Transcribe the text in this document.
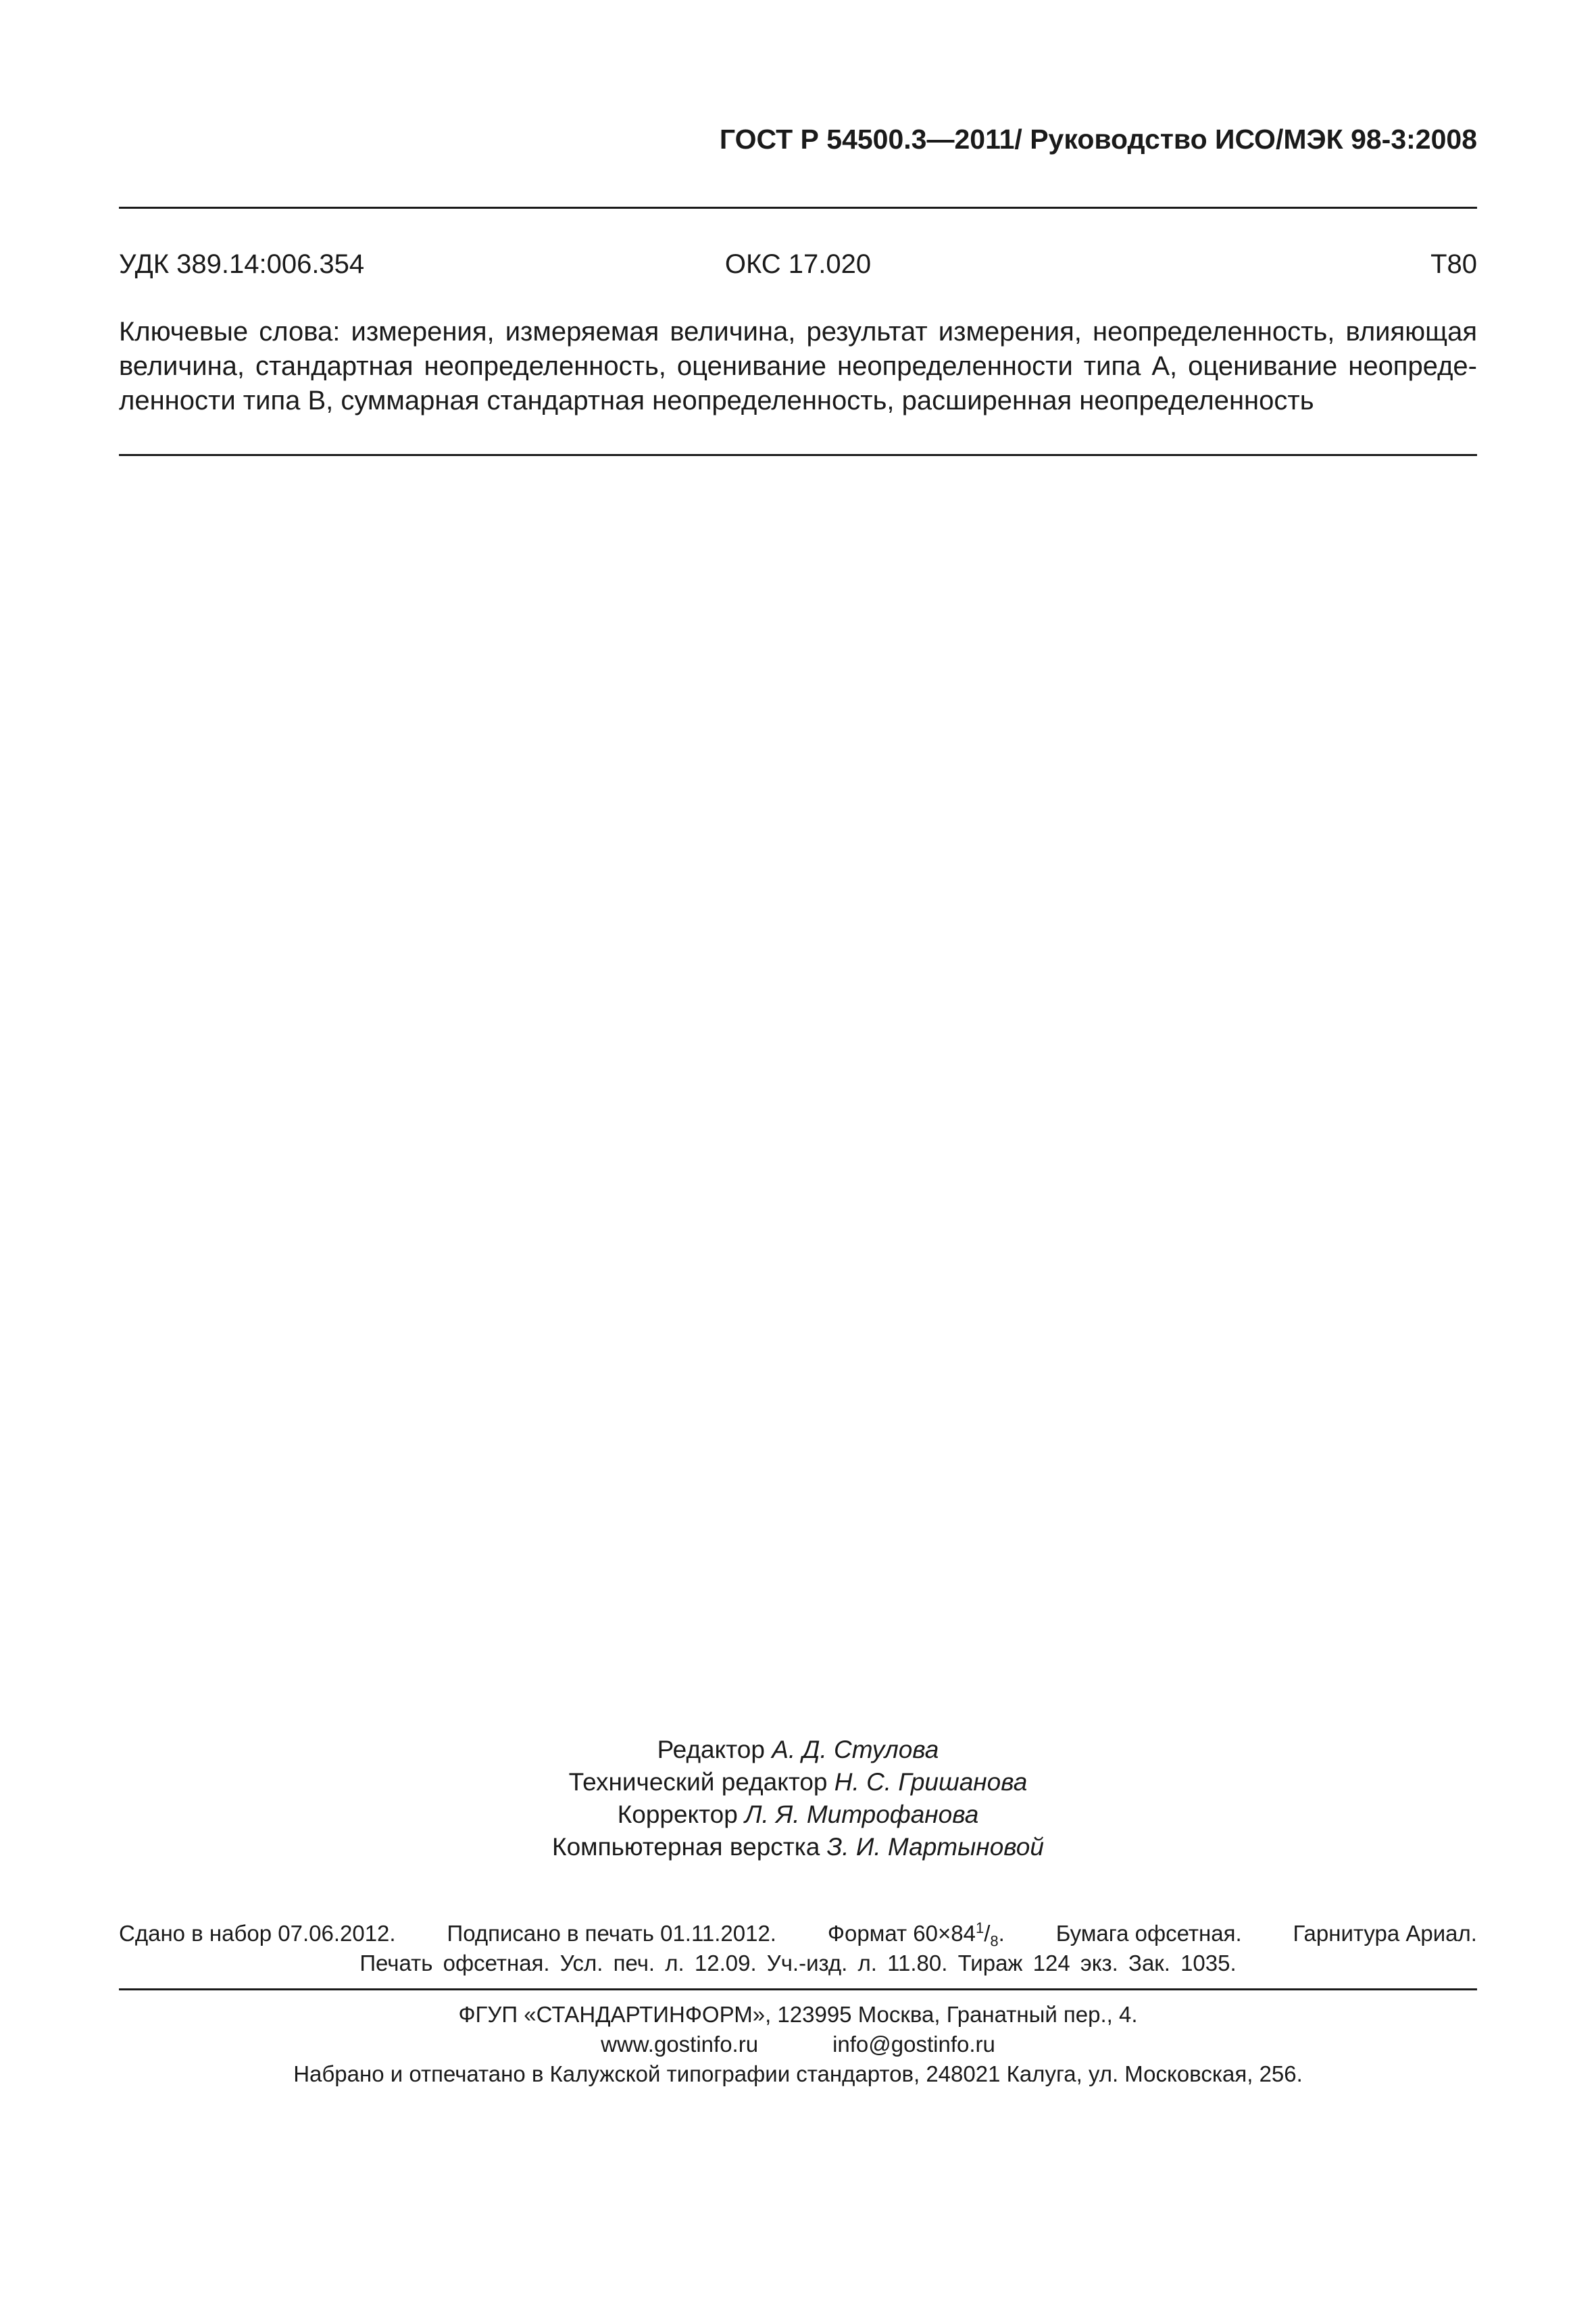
ГОСТ Р 54500.3—2011/ Руководство ИСО/МЭК 98-3:2008
УДК 389.14:006.354	ОКС 17.020	Т80
Ключевые слова: измерения, измеряемая величина, результат измерения, неопределенность, влияющая величина, стандартная неопределенность, оценивание неопределенности типа А, оценивание неопределенности типа В, суммарная стандартная неопределенность, расширенная неопределенность
Редактор А. Д. Стулова
Технический редактор Н. С. Гришанова
Корректор Л. Я. Митрофанова
Компьютерная верстка З. И. Мартыновой
Сдано в набор 07.06.2012. Подписано в печать 01.11.2012. Формат $60\times 84^1/_8$. Бумага офсетная. Гарнитура Ариал.
Печать офсетная. Усл. печ. л. 12.09. Уч.-изд. л. 11.80. Тираж 124 экз. Зак. 1035.
ФГУП «СТАНДАРТИНФОРМ», 123995 Москва, Гранатный пер., 4.
www.gostinfo.ru	info@gostinfo.ru
Набрано и отпечатано в Калужской типографии стандартов, 248021 Калуга, ул. Московская, 256.
